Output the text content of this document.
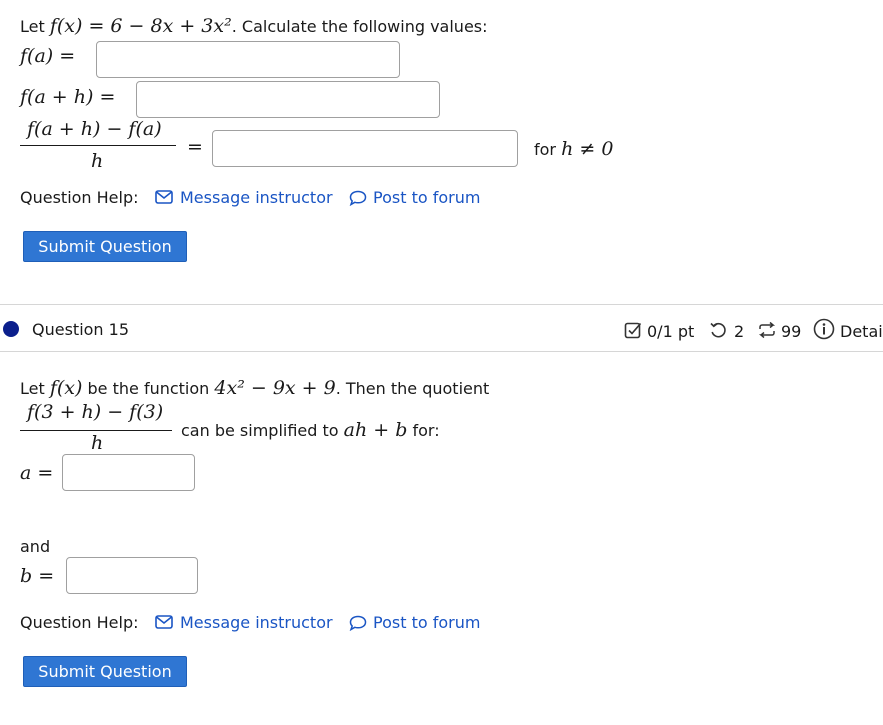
Let f(x) = 6 − 8x + 3x². Calculate the following values:
f(a) =
f(a + h) =
f(a + h) − f(a)
h
=	for h ≠ 0
Question Help:	Message instructor	Post to forum
Submit Question
Question 15	0/1 pt 2 99 Detai
Let f(x) be the function 4x² − 9x + 9. Then the quotient
f(3 + h) − f(3)
h
can be simplified to ah + b for:
a =
and
b =
Question Help:	Message instructor	Post to forum
Submit Question
